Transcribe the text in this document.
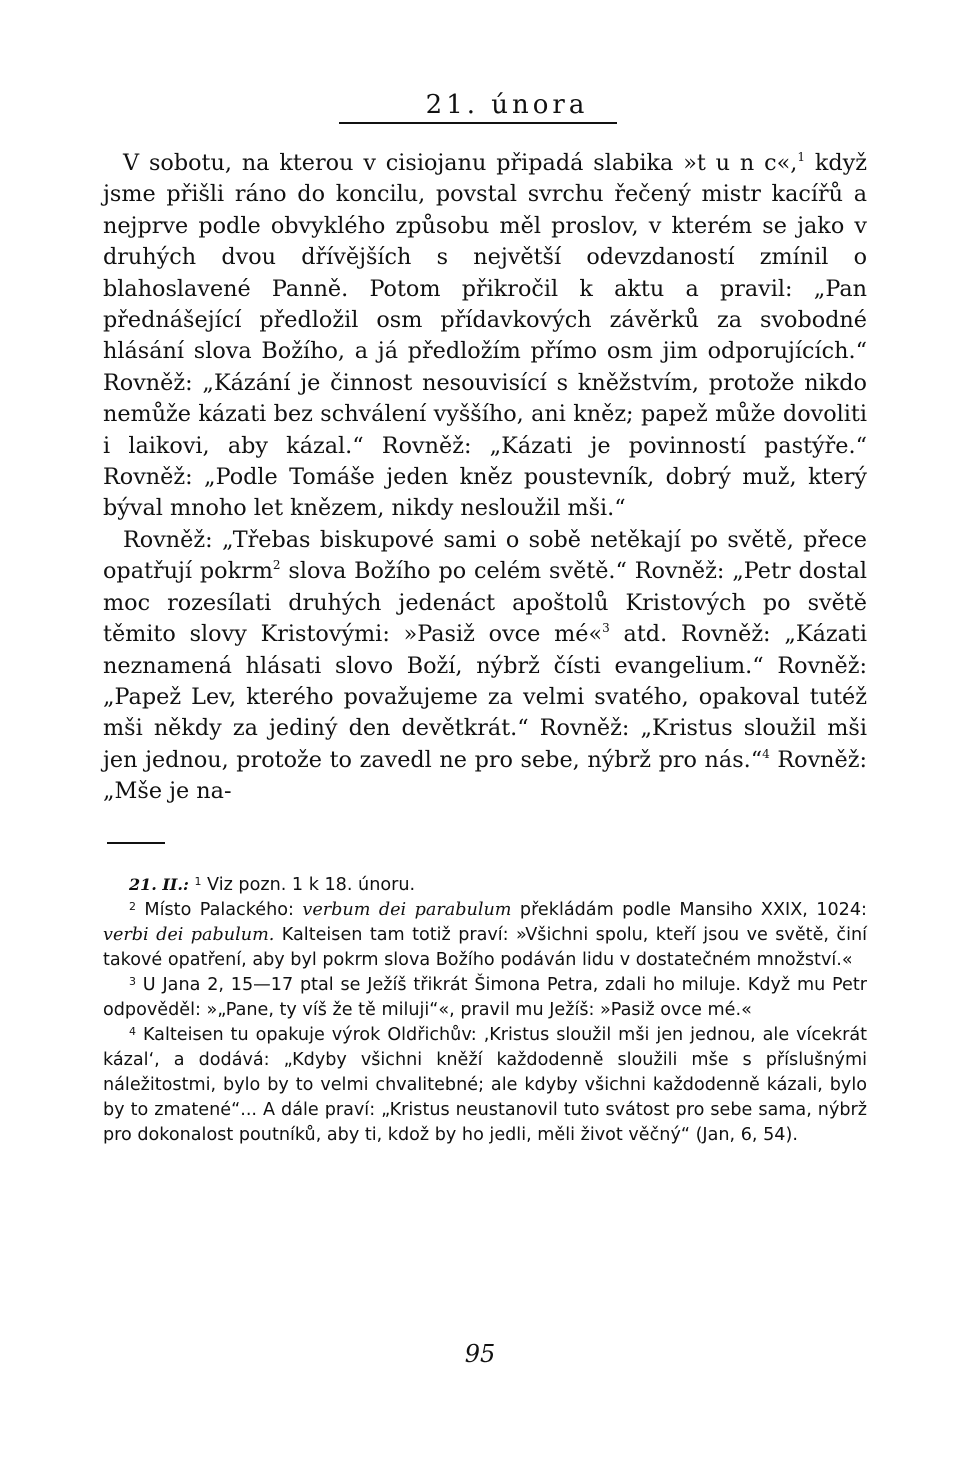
21. února

V sobotu, na kterou v cisiojanu připadá slabika »t u n c«,$^1$ když jsme přišli ráno do koncilu, povstal svrchu řečený mistr kacířů a nejprve podle obvyklého způsobu měl proslov, v kterém se jako v druhých dvou dřívějších s největší odevzdaností zmínil o blahoslavené Panně. Potom přikročil k aktu a pravil: „Pan přednášející předložil osm přídavkových závěrků za svobodné hlásání slova Božího, a já předložím přímo osm jim odporujících.“ Rovněž: „Kázání je činnost nesouvisící s kněžstvím, protože nikdo nemůže kázati bez schválení vyššího, ani kněz; papež může dovoliti i laikovi, aby kázal.“ Rovněž: „Kázati je povinností pastýře.“ Rovněž: „Podle Tomáše jeden kněz poustevník, dobrý muž, který býval mnoho let knězem, nikdy nesloužil mši.“

Rovněž: „Třebas biskupové sami o sobě netěkají po světě, přece opatřují pokrm$^2$ slova Božího po celém světě.“ Rovněž: „Petr dostal moc rozesílati druhých jedenáct apoštolů Kristových po světě těmito slovy Kristovými: »Pasiž ovce mé«$^3$ atd. Rovněž: „Kázati neznamená hlásati slovo Boží, nýbrž čísti evangelium.“ Rovněž: „Papež Lev, kterého považujeme za velmi svatého, opakoval tutéž mši někdy za jediný den devětkrát.“ Rovněž: „Kristus sloužil mši jen jednou, protože to zavedl ne pro sebe, nýbrž pro nás.“$^4$ Rovněž: „Mše je na-

21. II.: $^1$ Viz pozn. 1 k 18. únoru.

$^2$ Místo Palackého: verbum dei parabulum překládám podle Mansiho XXIX, 1024: verbi dei pabulum. Kalteisen tam totiž praví: »Všichni spolu, kteří jsou ve světě, činí takové opatření, aby byl pokrm slova Božího podáván lidu v dostatečném množství.«

$^3$ U Jana 2, 15—17 ptal se Ježíš třikrát Šimona Petra, zdali ho miluje. Když mu Petr odpověděl: »„Pane, ty víš že tě miluji“«, pravil mu Ježíš: »Pasiž ovce mé.«

$^4$ Kalteisen tu opakuje výrok Oldřichův: ‚Kristus sloužil mši jen jednou, ale vícekrát kázal‘, a dodává: „Kdyby všichni kněží každodenně sloužili mše s příslušnými náležitostmi, bylo by to velmi chvalitebné; ale kdyby všichni každodenně kázali, bylo by to zmatené“... A dále praví: „Kristus neustanovil tuto svátost pro sebe sama, nýbrž pro dokonalost poutníků, aby ti, kdož by ho jedli, měli život věčný“ (Jan, 6, 54).

95
